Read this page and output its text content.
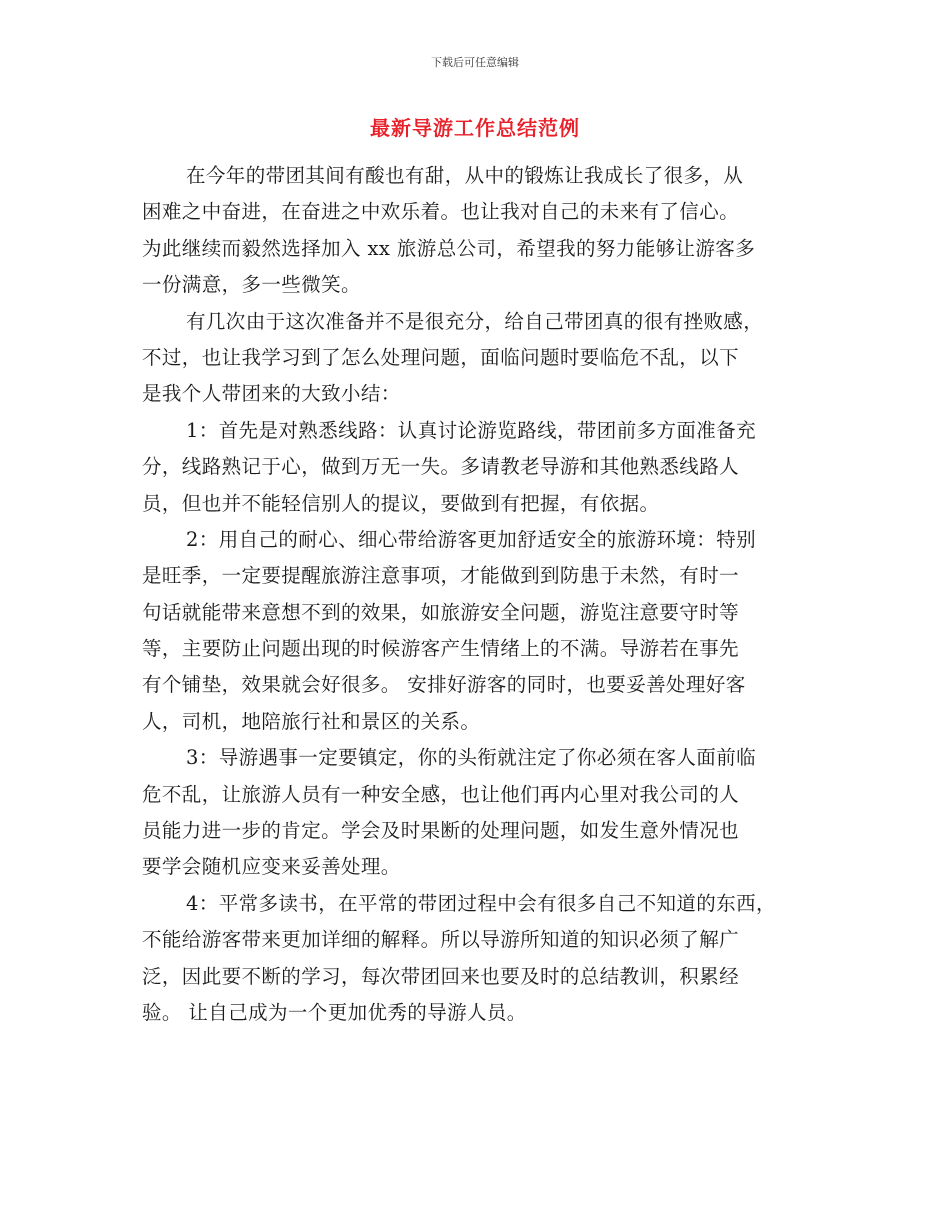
下载后可任意编辑
最新导游工作总结范例
在今年的带团其间有酸也有甜，从中的锻炼让我成长了很多，从
困难之中奋进，在奋进之中欢乐着。也让我对自己的未来有了信心。
为此继续而毅然选择加入 xx 旅游总公司，希望我的努力能够让游客多
一份满意，多一些微笑。
有几次由于这次准备并不是很充分，给自己带团真的很有挫败感，
不过，也让我学习到了怎么处理问题，面临问题时要临危不乱，以下
是我个人带团来的大致小结：
1：首先是对熟悉线路：认真讨论游览路线，带团前多方面准备充
分，线路熟记于心，做到万无一失。多请教老导游和其他熟悉线路人
员，但也并不能轻信别人的提议，要做到有把握，有依据。
2：用自己的耐心、细心带给游客更加舒适安全的旅游环境：特别
是旺季，一定要提醒旅游注意事项，才能做到到防患于未然，有时一
句话就能带来意想不到的效果，如旅游安全问题，游览注意要守时等
等，主要防止问题出现的时候游客产生情绪上的不满。导游若在事先
有个铺垫，效果就会好很多。 安排好游客的同时，也要妥善处理好客
人，司机，地陪旅行社和景区的关系。
3：导游遇事一定要镇定，你的头衔就注定了你必须在客人面前临
危不乱，让旅游人员有一种安全感，也让他们再内心里对我公司的人
员能力进一步的肯定。学会及时果断的处理问题，如发生意外情况也
要学会随机应变来妥善处理。
4：平常多读书，在平常的带团过程中会有很多自己不知道的东西，
不能给游客带来更加详细的解释。所以导游所知道的知识必须了解广
泛，因此要不断的学习，每次带团回来也要及时的总结教训，积累经
验。 让自己成为一个更加优秀的导游人员。
